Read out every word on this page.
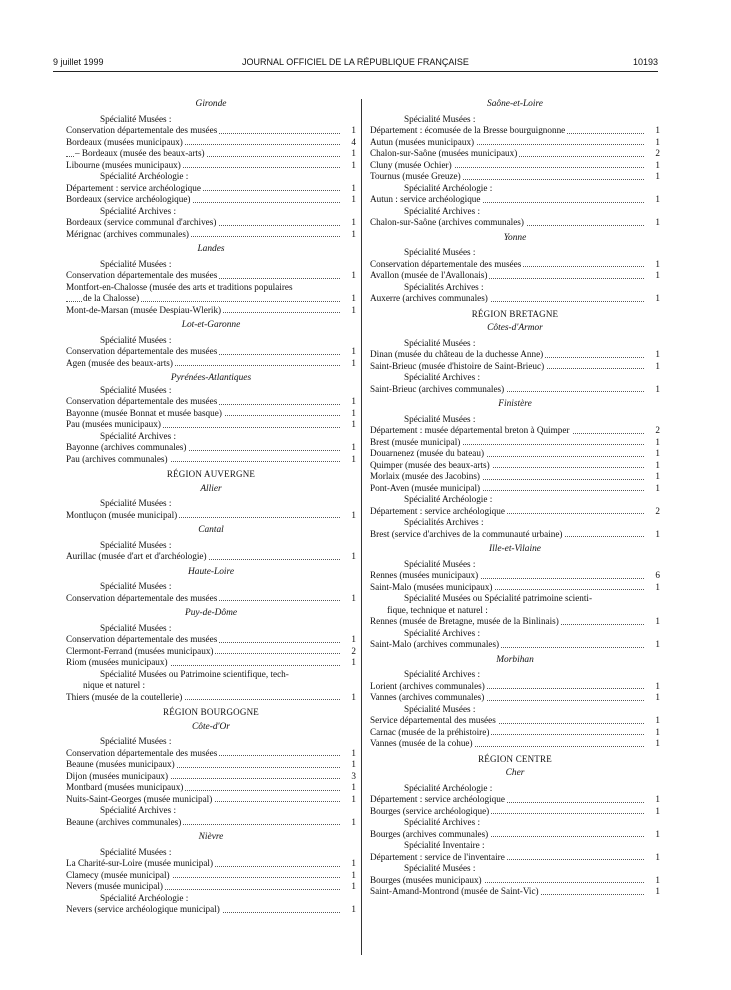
9 juillet 1999	JOURNAL OFFICIEL DE LA RÉPUBLIQUE FRANÇAISE	10193
Gironde
Spécialité Musées :
Conservation départementale des musées	1
Bordeaux (musées municipaux)	4
– Bordeaux (musée des beaux-arts)	1
Libourne (musées municipaux)	1
Spécialité Archéologie :
Département : service archéologique	1
Bordeaux (service archéologique)	1
Spécialité Archives :
Bordeaux (service communal d'archives)	1
Mérignac (archives communales)	1
Landes
Spécialité Musées :
Conservation départementale des musées	1
Montfort-en-Chalosse (musée des arts et traditions populaires
de la Chalosse)	1
Mont-de-Marsan (musée Despiau-Wlerik)	1
Lot-et-Garonne
Spécialité Musées :
Conservation départementale des musées	1
Agen (musée des beaux-arts)	1
Pyrénées-Atlantiques
Spécialité Musées :
Conservation départementale des musées	1
Bayonne (musée Bonnat et musée basque)	1
Pau (musées municipaux)	1
Spécialité Archives :
Bayonne (archives communales)	1
Pau (archives communales)	1
RÉGION AUVERGNE
Allier
Spécialité Musées :
Montluçon (musée municipal)	1
Cantal
Spécialité Musées :
Aurillac (musée d'art et d'archéologie)	1
Haute-Loire
Spécialité Musées :
Conservation départementale des musées	1
Puy-de-Dôme
Spécialité Musées :
Conservation départementale des musées	1
Clermont-Ferrand (musées municipaux)	2
Riom (musées municipaux)	1
Spécialité Musées ou Patrimoine scientifique, tech-
nique et naturel :
Thiers (musée de la coutellerie)	1
RÉGION BOURGOGNE
Côte-d'Or
Spécialité Musées :
Conservation départementale des musées	1
Beaune (musées municipaux)	1
Dijon (musées municipaux)	3
Montbard (musées municipaux)	1
Nuits-Saint-Georges (musée municipal)	1
Spécialité Archives :
Beaune (archives communales)	1
Nièvre
Spécialité Musées :
La Charité-sur-Loire (musée municipal)	1
Clamecy (musée municipal)	1
Nevers (musée municipal)	1
Spécialité Archéologie :
Nevers (service archéologique municipal)	1
Saône-et-Loire
Spécialité Musées :
Département : écomusée de la Bresse bourguignonne	1
Autun (musées municipaux)	1
Chalon-sur-Saône (musées municipaux)	2
Cluny (musée Ochier)	1
Tournus (musée Greuze)	1
Spécialité Archéologie :
Autun : service archéologique	1
Spécialité Archives :
Chalon-sur-Saône (archives communales)	1
Yonne
Spécialité Musées :
Conservation départementale des musées	1
Avallon (musée de l'Avallonais)	1
Spécialités Archives :
Auxerre (archives communales)	1
RÉGION BRETAGNE
Côtes-d'Armor
Spécialité Musées :
Dinan (musée du château de la duchesse Anne)	1
Saint-Brieuc (musée d'histoire de Saint-Brieuc)	1
Spécialité Archives :
Saint-Brieuc (archives communales)	1
Finistère
Spécialité Musées :
Département : musée départemental breton à Quimper	2
Brest (musée municipal)	1
Douarnenez (musée du bateau)	1
Quimper (musée des beaux-arts)	1
Morlaix (musée des Jacobins)	1
Pont-Aven (musée municipal)	1
Spécialité Archéologie :
Département : service archéologique	2
Spécialités Archives :
Brest (service d'archives de la communauté urbaine)	1
Ille-et-Vilaine
Spécialité Musées :
Rennes (musées municipaux)	6
Saint-Malo (musées municipaux)	1
Spécialité Musées ou Spécialité patrimoine scienti-
fique, technique et naturel :
Rennes (musée de Bretagne, musée de la Binlinais)	1
Spécialité Archives :
Saint-Malo (archives communales)	1
Morbihan
Spécialité Archives :
Lorient (archives communales)	1
Vannes (archives communales)	1
Spécialité Musées :
Service départemental des musées	1
Carnac (musée de la préhistoire)	1
Vannes (musée de la cohue)	1
RÉGION CENTRE
Cher
Spécialité Archéologie :
Département : service archéologique	1
Bourges (service archéologique)	1
Spécialité Archives :
Bourges (archives communales)	1
Spécialité Inventaire :
Département : service de l'inventaire	1
Spécialité Musées :
Bourges (musées municipaux)	1
Saint-Amand-Montrond (musée de Saint-Vic)	1
